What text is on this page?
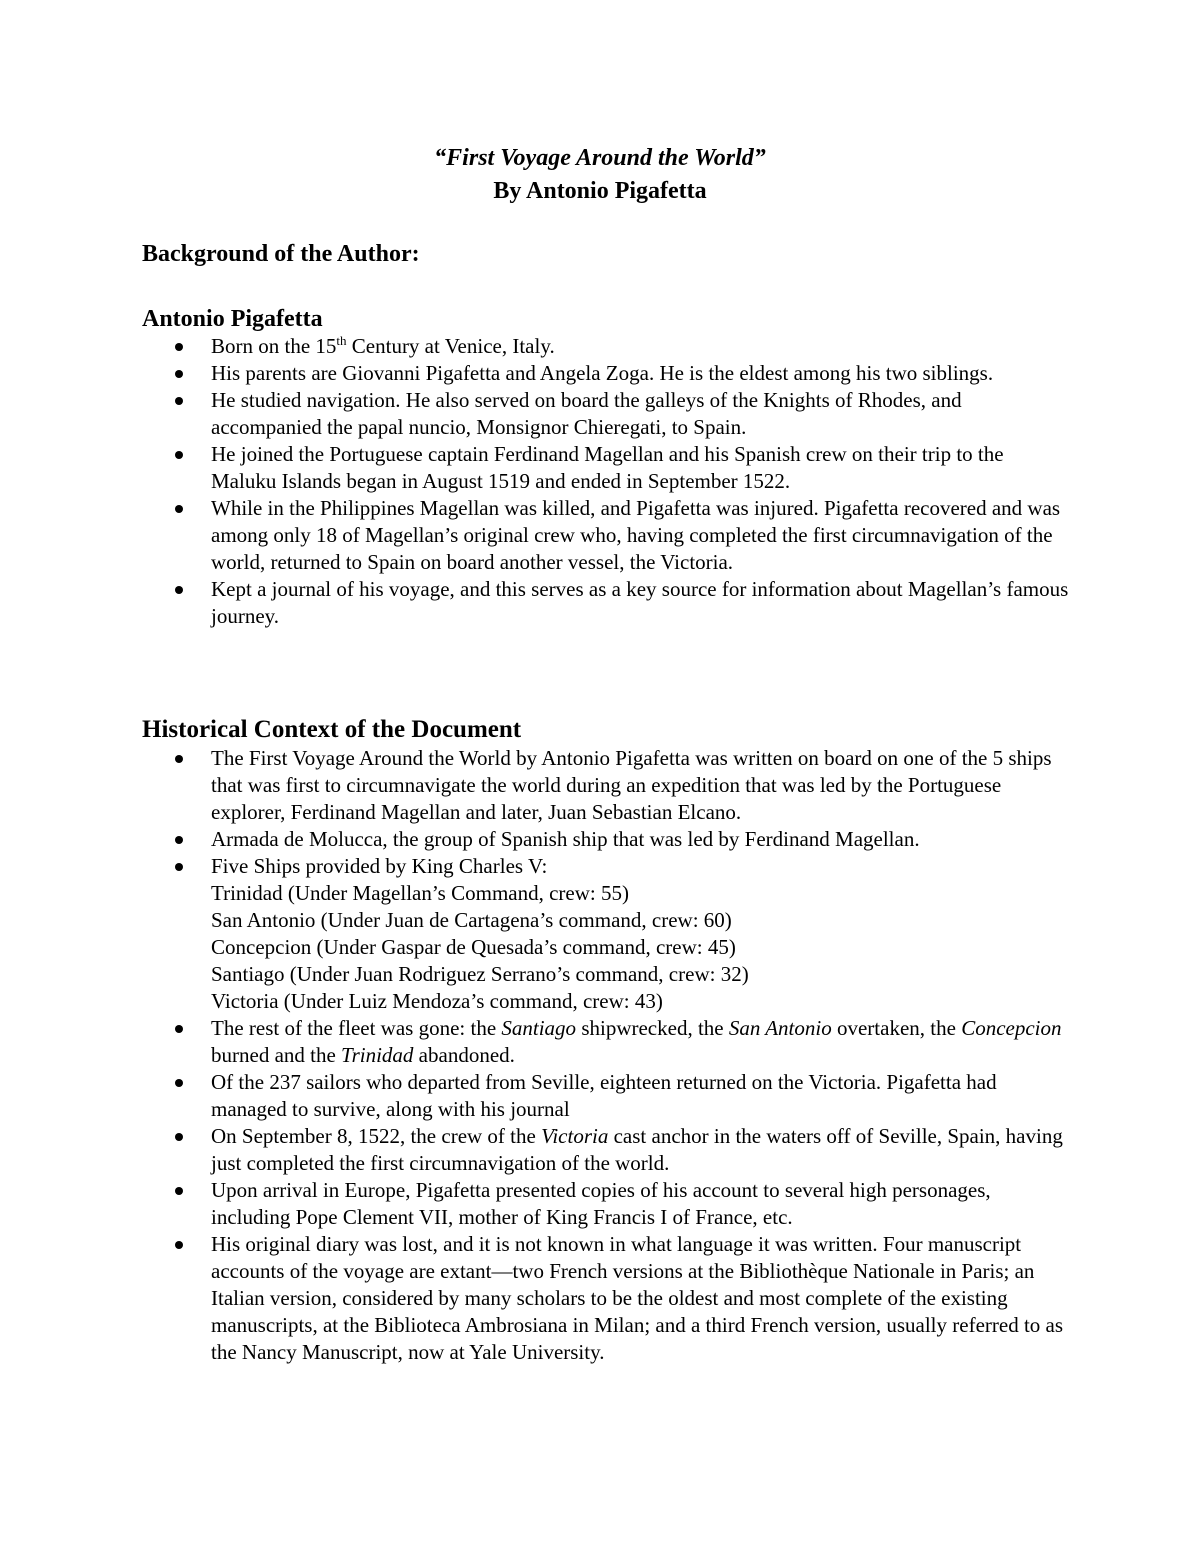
“First Voyage Around the World”
By Antonio Pigafetta
Background of the Author:
Antonio Pigafetta
Born on the 15th Century at Venice, Italy.
His parents are Giovanni Pigafetta and Angela Zoga. He is the eldest among his two siblings.
He studied navigation. He also served on board the galleys of the Knights of Rhodes, and accompanied the papal nuncio, Monsignor Chieregati, to Spain.
He joined the Portuguese captain Ferdinand Magellan and his Spanish crew on their trip to the Maluku Islands began in August 1519 and ended in September 1522.
While in the Philippines Magellan was killed, and Pigafetta was injured. Pigafetta recovered and was among only 18 of Magellan’s original crew who, having completed the first circumnavigation of the world, returned to Spain on board another vessel, the Victoria.
Kept a journal of his voyage, and this serves as a key source for information about Magellan’s famous journey.
Historical Context of the Document
The First Voyage Around the World by Antonio Pigafetta was written on board on one of the 5 ships that was first to circumnavigate the world during an expedition that was led by the Portuguese explorer, Ferdinand Magellan and later, Juan Sebastian Elcano.
Armada de Molucca, the group of Spanish ship that was led by Ferdinand Magellan.
Five Ships provided by King Charles V:
Trinidad (Under Magellan’s Command, crew: 55)
San Antonio (Under Juan de Cartagena’s command, crew: 60)
Concepcion (Under Gaspar de Quesada’s command, crew: 45)
Santiago (Under Juan Rodriguez Serrano’s command, crew: 32)
Victoria (Under Luiz Mendoza’s command, crew: 43)
The rest of the fleet was gone: the Santiago shipwrecked, the San Antonio overtaken, the Concepcion burned and the Trinidad abandoned.
Of the 237 sailors who departed from Seville, eighteen returned on the Victoria. Pigafetta had managed to survive, along with his journal
On September 8, 1522, the crew of the Victoria cast anchor in the waters off of Seville, Spain, having just completed the first circumnavigation of the world.
Upon arrival in Europe, Pigafetta presented copies of his account to several high personages, including Pope Clement VII, mother of King Francis I of France, etc.
His original diary was lost, and it is not known in what language it was written. Four manuscript accounts of the voyage are extant—two French versions at the Bibliothèque Nationale in Paris; an Italian version, considered by many scholars to be the oldest and most complete of the existing manuscripts, at the Biblioteca Ambrosiana in Milan; and a third French version, usually referred to as the Nancy Manuscript, now at Yale University.
